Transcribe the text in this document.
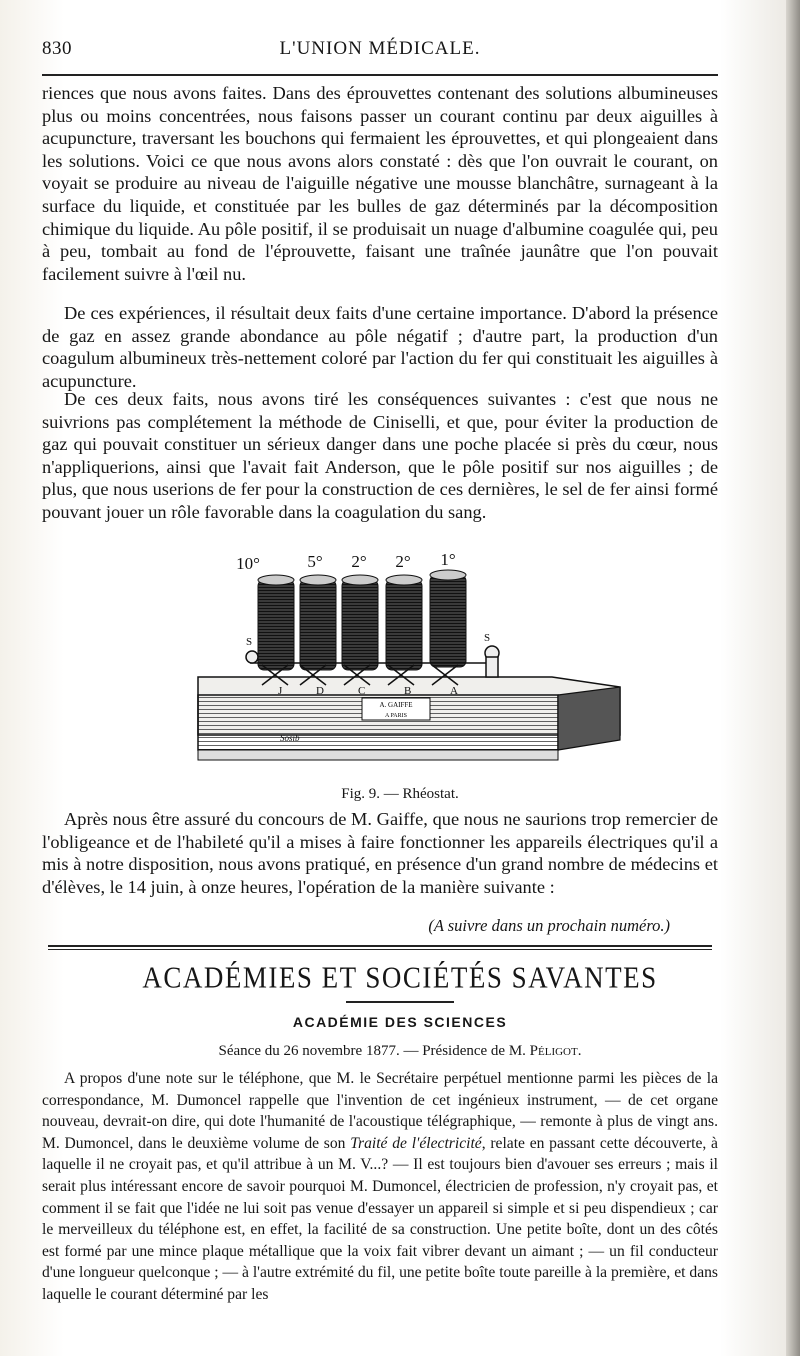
830	L'UNION MÉDICALE.

riences que nous avons faites. Dans des éprouvettes contenant des solutions albumineuses plus ou moins concentrées, nous faisons passer un courant continu par deux aiguilles à acupuncture, traversant les bouchons qui fermaient les éprouvettes, et qui plongeaient dans les solutions. Voici ce que nous avons alors constaté : dès que l'on ouvrait le courant, on voyait se produire au niveau de l'aiguille négative une mousse blanchâtre, surnageant à la surface du liquide, et constituée par les bulles de gaz déterminés par la décomposition chimique du liquide. Au pôle positif, il se produisait un nuage d'albumine coagulée qui, peu à peu, tombait au fond de l'éprouvette, faisant une traînée jaunâtre que l'on pouvait facilement suivre à l'œil nu.

De ces expériences, il résultait deux faits d'une certaine importance. D'abord la présence de gaz en assez grande abondance au pôle négatif ; d'autre part, la production d'un coagulum albumineux très-nettement coloré par l'action du fer qui constituait les aiguilles à acupuncture.

De ces deux faits, nous avons tiré les conséquences suivantes : c'est que nous ne suivrions pas complétement la méthode de Ciniselli, et que, pour éviter la production de gaz qui pouvait constituer un sérieux danger dans une poche placée si près du cœur, nous n'appliquerions, ainsi que l'avait fait Anderson, que le pôle positif sur nos aiguilles ; de plus, que nous userions de fer pour la construction de ces dernières, le sel de fer ainsi formé pouvant jouer un rôle favorable dans la coagulation du sang.

A. GAIFFE
A PARIS
10°	5° 2° 2° 1°
S	S
J	D	C	B	A
Sosib
Fig. 9. — Rhéostat.

Après nous être assuré du concours de M. Gaiffe, que nous ne saurions trop remercier de l'obligeance et de l'habileté qu'il a mises à faire fonctionner les appareils électriques qu'il a mis à notre disposition, nous avons pratiqué, en présence d'un grand nombre de médecins et d'élèves, le 14 juin, à onze heures, l'opération de la manière suivante :

(A suivre dans un prochain numéro.)
ACADÉMIES ET SOCIÉTÉS SAVANTES
ACADÉMIE DES SCIENCES
Séance du 26 novembre 1877. — Présidence de M. Péligot.

A propos d'une note sur le téléphone, que M. le Secrétaire perpétuel mentionne parmi les pièces de la correspondance, M. Dumoncel rappelle que l'invention de cet ingénieux instrument, — de cet organe nouveau, devrait-on dire, qui dote l'humanité de l'acoustique télégraphique, — remonte à plus de vingt ans. M. Dumoncel, dans le deuxième volume de son Traité de l'électricité, relate en passant cette découverte, à laquelle il ne croyait pas, et qu'il attribue à un M. V...? — Il est toujours bien d'avouer ses erreurs ; mais il serait plus intéressant encore de savoir pourquoi M. Dumoncel, électricien de profession, n'y croyait pas, et comment il se fait que l'idée ne lui soit pas venue d'essayer un appareil si simple et si peu dispendieux ; car le merveilleux du téléphone est, en effet, la facilité de sa construction. Une petite boîte, dont un des côtés est formé par une mince plaque métallique que la voix fait vibrer devant un aimant ; — un fil conducteur d'une longueur quelconque ; — à l'autre extrémité du fil, une petite boîte toute pareille à la première, et dans laquelle le courant déterminé par les
